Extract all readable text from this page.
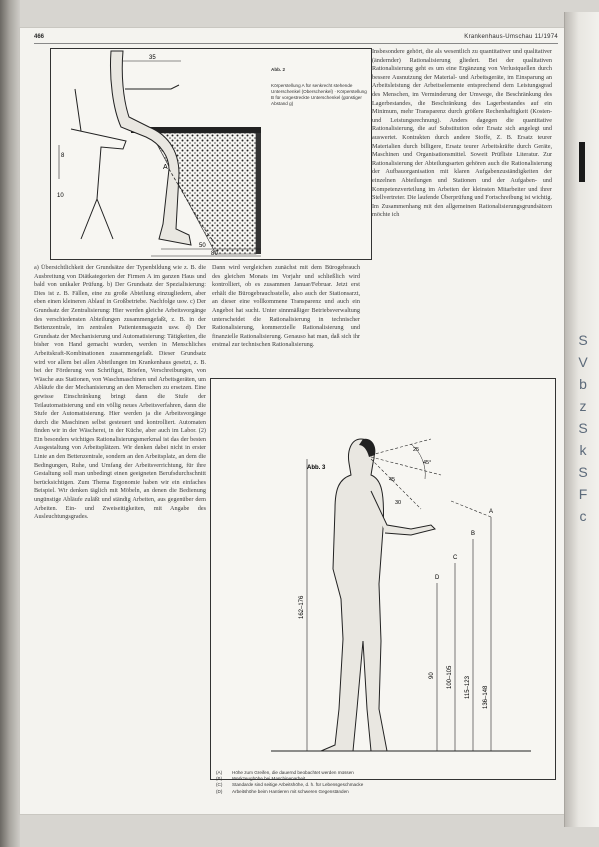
466	Krankenhaus-Umschau 11/1974
35
8
10
A
50
80
Abb. 2
Körperstellung A für senkrecht stehende Unterschenkel (Oberschenkel) · Körperstellung B für vorgestreckte Unterschenkel (günstiger Abstand g)

a) Übersichtlichkeit der Grundsätze der Typenbildung wie z. B. die Ausbreitung von Diätkategorien der Firmen A im ganzen Haus und bald von unikaler Prüfung. b) Der Grundsatz der Spezialisierung: Dies ist z. B. Fällen, eine zu große Abteilung einzugliedern, aber eben einen kleineren Ablauf in Großbetriebe. Nachfolge usw. c) Der Grundsatz der Zentralisierung: Hier werden gleiche Arbeitsvorgänge des verschiedensten Abteilungen zusammengefaßt, z. B. in der Bettenzentrale, im zentralen Patientenmagazin usw. d) Der Grundsatz der Mechanisierung und Automatisierung: Tätigkeiten, die bisher von Hand gemacht wurden, werden in Menschliches Arbeitskraft-Kombinationen zusammengefaßt. Dieser Grundsatz wird vor allem bei allen Abteilungen im Krankenhaus gesetzt, z. B. bei der Förderung von Schriftgut, Briefen, Verschreibungen, von Wäsche aus Stationen, von Waschmaschinen und Arbeitsgeräten, um Abläufe die der Mechanisierung an den Menschen zu ersetzen. Eine gewisse Einschränkung bringt dann die Stufe der Teilautomatisierung und ein völlig neues Arbeitsverfahren, dann die Stufe der Automatisierung. Hier werden ja die Arbeitsvorgänge durch die Maschinen selbst gesteuert und kontrolliert. Automaten finden wir in der Wäscherei, in der Küche, aber auch im Labor. (2) Ein besonders wichtiges Rationalisierungsmerkmal ist das der besten Ausgestaltung von Arbeitsplätzen. Wir denken dabei nicht in erster Linie an den Bettenzentrale, sondern an den Arbeitsplatz, an dem die Bedingungen, Ruhe, und Umfang der Arbeitsverrichtung, für ihre Gestaltung soll man unbedingt einen geeigneten Berufsdurchschnitt berücksichtigen. Zum Thema Ergonomie haben wir ein einfaches Beispiel. Wir denken täglich mit Möbeln, an denen die Bedienung ungünstige Abläufe zuläßt und ständig Arbeiten, aus gegenüber dem Arbeiten. Ein- und Zweiseitigkeiten, mit Angabe des Ausleuchtungsgrades.

Dann wird vergleichen zunächst mit dem Bürogebrauch des gleichen Monats im Vorjahr und schließlich wird kontrolliert, ob es zusammen Januar/Februar. Jetzt erst erhält die Bürogebrauchsstelle, also auch der Stationsarzt, an dieser eine vollkommene Transparenz und auch ein Angebot hat sucht. Unter sinnmäßiger Betriebsverwaltung unterscheidet die Rationalisierung in technischer Rationalisierung, kommerzielle Rationalisierung und finanzielle Rationalisierung. Genauso hat man, daß sich ihr erstmal zur technischen Rationalisierung.

Insbesondere gehört, die als wesentlich zu quantitativer und qualitativer (ändernder) Rationalisierung gliedert. Bei der qualitativen Rationalisierung geht es um eine Ergänzung von Verlustquellen durch bessere Ausnutzung der Material- und Arbeitsgeräte, im Einsparung an Arbeitsleistung der Arbeitselemente entsprechend dem Leistungsgrad des Menschen, im Verminderung der Umwege, die Beschränkung des Lagerbestandes, die Beschränkung des Lagerbestandes auf ein Minimum, mehr Transparenz durch größere Rechenhaftigkeit (Kosten- und Leistungsrechnung). Anders dagegen die quantitative Rationalisierung, die auf Substitution oder Ersatz sich angelegt und auswertet. Kontrakten durch andere Stoffe, Z. B. Ersatz teurer Materialien durch billigere, Ersatz teurer Arbeitskräfte durch Geräte, Maschinen und Organisationsmittel. Soweit Prüfliste Literatur. Zur Rationalisierung der Abteilungsarten gehören auch die Rationalisierung der Aufbauorganisation mit klaren Aufgabenzuständigkeiten der einzelnen Abteilungen und Stationen und der Aufgaben- und Kompetenzverteilung im Arbeiten der kleinsten Mitarbeiter und ihrer Stellvertreter. Die laufende Überprüfung und Fortschreibung ist wichtig. Im Zusammenhang mit den allgemeinen Rationalisierungsgrundsätzen möchte ich

Abb. 3
25
45°
45
30
A
B
C
D
162–176
90 100–105 115–123 136–148
(A)	Höhe zum Greifen, die dauernd beobachtet werden müssen
(B)	Werkzeughöhe bei Maschinenarbeit
(C)	Standarde sind seitige Arbeitshöhe, d. h. für Lebensgeschmacke
(D)	Arbeitshöhe beim Hantieren mit schweren Gegenständen
S
V
b
z
S
k
S
F
c
